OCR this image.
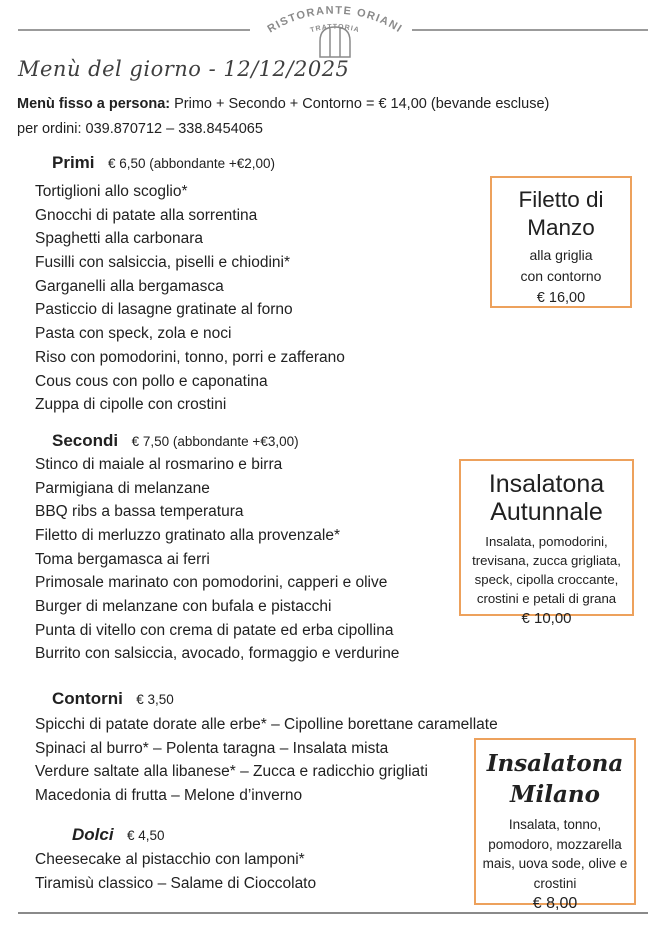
RISTORANTE ORIANI
TRATTORIA
Menù del giorno - 12/12/2025
Menù fisso a persona: Primo + Secondo + Contorno = € 14,00 (bevande escluse)
per ordini: 039.870712 – 338.8454065
Primi € 6,50 (abbondante +€2,00)
Tortiglioni allo scoglio*
Gnocchi di patate alla sorrentina
Spaghetti alla carbonara
Fusilli con salsiccia, piselli e chiodini*
Garganelli alla bergamasca
Pasticcio di lasagne gratinate al forno
Pasta con speck, zola e noci
Riso con pomodorini, tonno, porri e zafferano
Cous cous con pollo e caponatina
Zuppa di cipolle con crostini
Secondi € 7,50 (abbondante +€3,00)
Stinco di maiale al rosmarino e birra
Parmigiana di melanzane
BBQ ribs a bassa temperatura
Filetto di merluzzo gratinato alla provenzale*
Toma bergamasca ai ferri
Primosale marinato con pomodorini, capperi e olive
Burger di melanzane con bufala e pistacchi
Punta di vitello con crema di patate ed erba cipollina
Burrito con salsiccia, avocado, formaggio e verdurine
Contorni € 3,50
Spicchi di patate dorate alle erbe* – Cipolline borettane caramellate
Spinaci al burro* – Polenta taragna – Insalata mista
Verdure saltate alla libanese* – Zucca e radicchio grigliati
Macedonia di frutta – Melone d’inverno
Dolci € 4,50
Cheesecake al pistacchio con lamponi*
Tiramisù classico – Salame di Cioccolato
Filetto di Manzo
alla griglia
con contorno
€ 16,00
Insalatona Autunnale
Insalata, pomodorini, trevisana, zucca grigliata, speck, cipolla croccante, crostini e petali di grana
€ 10,00
Insalatona Milano
Insalata, tonno, pomodoro, mozzarella mais, uova sode, olive e crostini
€ 8,00
